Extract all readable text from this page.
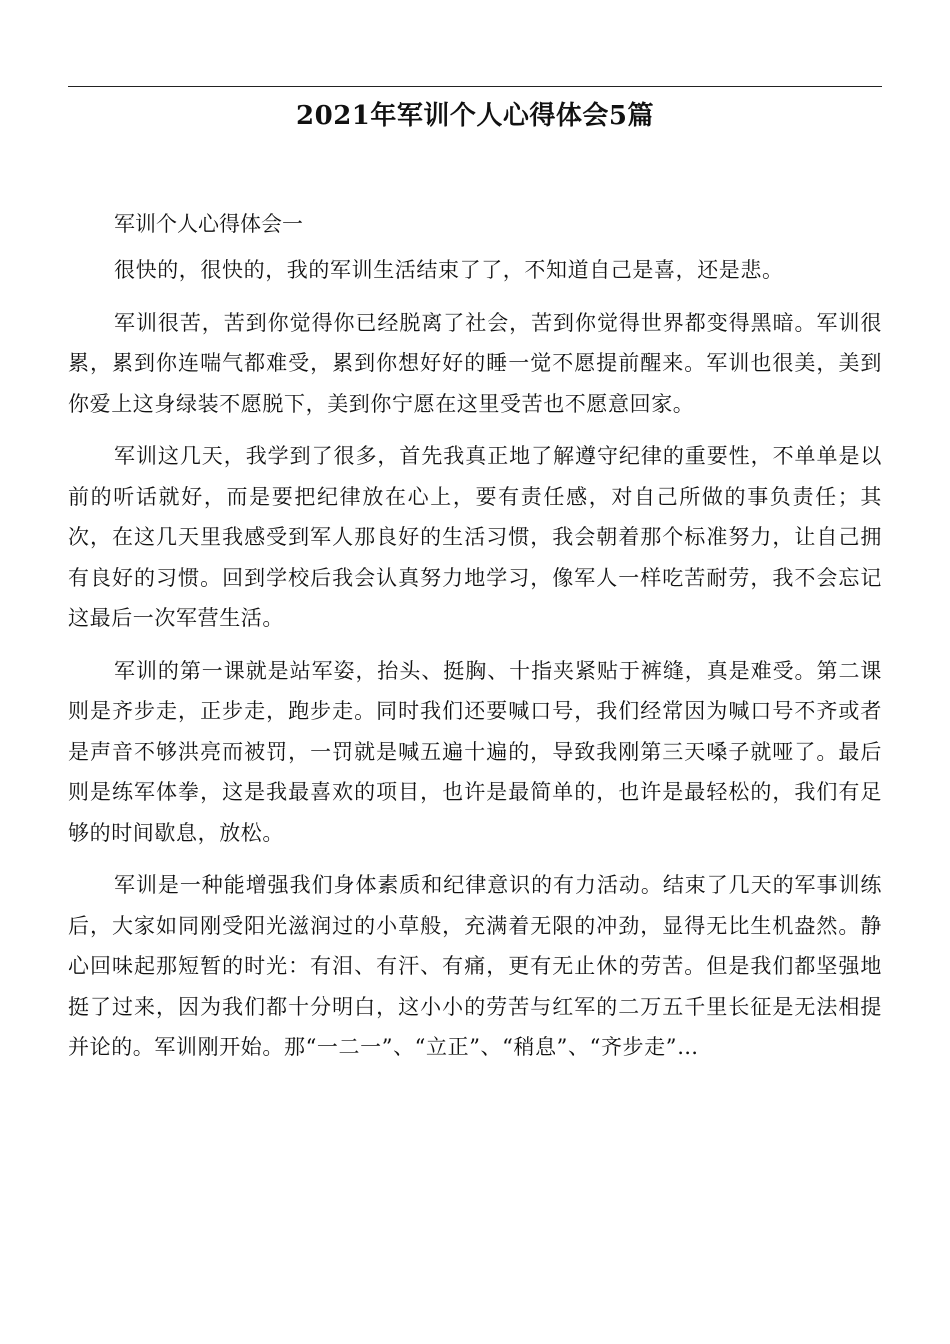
2021年军训个人心得体会5篇

军训个人心得体会一

很快的，很快的，我的军训生活结束了了，不知道自己是喜，还是悲。

军训很苦，苦到你觉得你已经脱离了社会，苦到你觉得世界都变得黑暗。军训很累，累到你连喘气都难受，累到你想好好的睡一觉不愿提前醒来。军训也很美，美到你爱上这身绿装不愿脱下，美到你宁愿在这里受苦也不愿意回家。

军训这几天，我学到了很多，首先我真正地了解遵守纪律的重要性，不单单是以前的听话就好，而是要把纪律放在心上，要有责任感，对自己所做的事负责任；其次，在这几天里我感受到军人那良好的生活习惯，我会朝着那个标准努力，让自己拥有良好的习惯。回到学校后我会认真努力地学习，像军人一样吃苦耐劳，我不会忘记这最后一次军营生活。

军训的第一课就是站军姿，抬头、挺胸、十指夹紧贴于裤缝，真是难受。第二课则是齐步走，正步走，跑步走。同时我们还要喊口号，我们经常因为喊口号不齐或者是声音不够洪亮而被罚，一罚就是喊五遍十遍的，导致我刚第三天嗓子就哑了。最后则是练军体拳，这是我最喜欢的项目，也许是最简单的，也许是最轻松的，我们有足够的时间歇息，放松。

军训是一种能增强我们身体素质和纪律意识的有力活动。结束了几天的军事训练后，大家如同刚受阳光滋润过的小草般，充满着无限的冲劲，显得无比生机盎然。静心回味起那短暂的时光：有泪、有汗、有痛，更有无止休的劳苦。但是我们都坚强地挺了过来，因为我们都十分明白，这小小的劳苦与红军的二万五千里长征是无法相提并论的。军训刚开始。那“一二一”、“立正”、“稍息”、“齐步走”…
